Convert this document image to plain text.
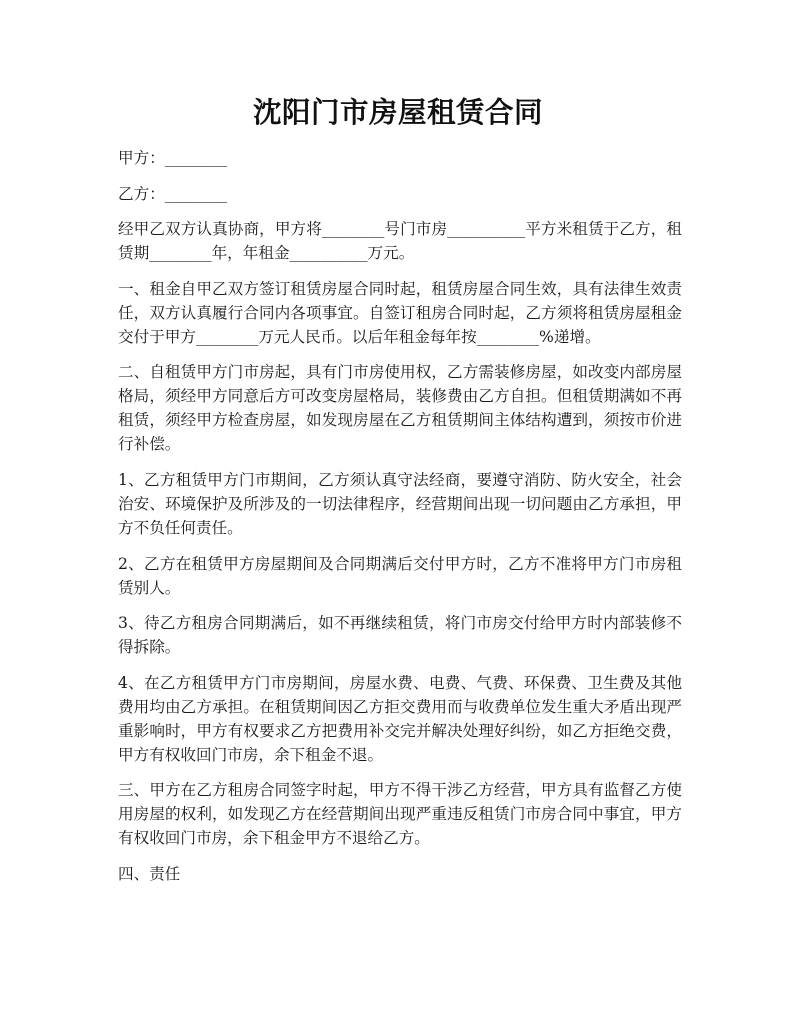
沈阳门市房屋租赁合同

甲方：________

乙方：________

经甲乙双方认真协商，甲方将________号门市房__________平方米租赁于乙方，租赁期________年，年租金__________万元。

一、租金自甲乙双方签订租赁房屋合同时起，租赁房屋合同生效，具有法律生效责任，双方认真履行合同内各项事宜。自签订租房合同时起，乙方须将租赁房屋租金交付于甲方________万元人民币。以后年租金每年按________%递增。

二、自租赁甲方门市房起，具有门市房使用权，乙方需装修房屋，如改变内部房屋格局，须经甲方同意后方可改变房屋格局，装修费由乙方自担。但租赁期满如不再租赁，须经甲方检查房屋，如发现房屋在乙方租赁期间主体结构遭到，须按市价进行补偿。

1、乙方租赁甲方门市期间，乙方须认真守法经商，要遵守消防、防火安全，社会治安、环境保护及所涉及的一切法律程序，经营期间出现一切问题由乙方承担，甲方不负任何责任。

2、乙方在租赁甲方房屋期间及合同期满后交付甲方时，乙方不准将甲方门市房租赁别人。

3、待乙方租房合同期满后，如不再继续租赁，将门市房交付给甲方时内部装修不得拆除。

4、在乙方租赁甲方门市房期间，房屋水费、电费、气费、环保费、卫生费及其他费用均由乙方承担。在租赁期间因乙方拒交费用而与收费单位发生重大矛盾出现严重影响时，甲方有权要求乙方把费用补交完并解决处理好纠纷，如乙方拒绝交费，甲方有权收回门市房，余下租金不退。

三、甲方在乙方租房合同签字时起，甲方不得干涉乙方经营，甲方具有监督乙方使用房屋的权利，如发现乙方在经营期间出现严重违反租赁门市房合同中事宜，甲方有权收回门市房，余下租金甲方不退给乙方。

四、责任
